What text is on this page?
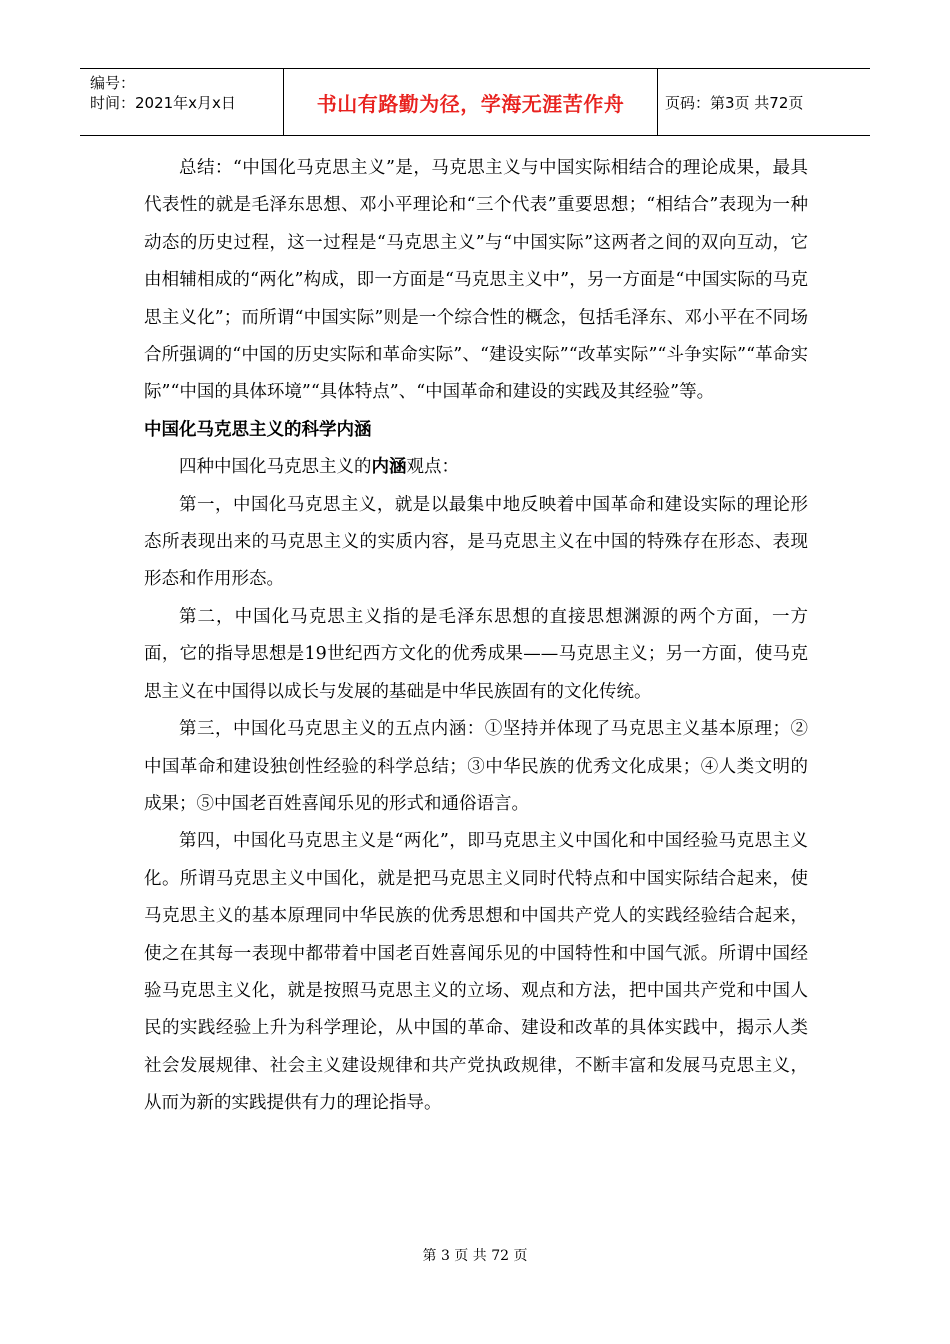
编号：
时间：2021年x月x日	书山有路勤为径，学海无涯苦作舟	页码：第3页 共72页

总结：“中国化马克思主义”是，马克思主义与中国实际相结合的理论成果，最具代表性的就是毛泽东思想、邓小平理论和“三个代表”重要思想；“相结合”表现为一种动态的历史过程，这一过程是“马克思主义”与“中国实际”这两者之间的双向互动，它由相辅相成的“两化”构成，即一方面是“马克思主义中”，另一方面是“中国实际的马克思主义化”；而所谓“中国实际”则是一个综合性的概念，包括毛泽东、邓小平在不同场合所强调的“中国的历史实际和革命实际”、“建设实际”“改革实际”“斗争实际”“革命实际”“中国的具体环境”“具体特点”、“中国革命和建设的实践及其经验”等。

中国化马克思主义的科学内涵

四种中国化马克思主义的内涵观点：

第一，中国化马克思主义，就是以最集中地反映着中国革命和建设实际的理论形态所表现出来的马克思主义的实质内容，是马克思主义在中国的特殊存在形态、表现形态和作用形态。

第二，中国化马克思主义指的是毛泽东思想的直接思想渊源的两个方面，一方面，它的指导思想是19世纪西方文化的优秀成果——马克思主义；另一方面，使马克思主义在中国得以成长与发展的基础是中华民族固有的文化传统。

第三，中国化马克思主义的五点内涵：①坚持并体现了马克思主义基本原理；②中国革命和建设独创性经验的科学总结；③中华民族的优秀文化成果；④人类文明的成果；⑤中国老百姓喜闻乐见的形式和通俗语言。

第四，中国化马克思主义是“两化”，即马克思主义中国化和中国经验马克思主义化。所谓马克思主义中国化，就是把马克思主义同时代特点和中国实际结合起来，使马克思主义的基本原理同中华民族的优秀思想和中国共产党人的实践经验结合起来，使之在其每一表现中都带着中国老百姓喜闻乐见的中国特性和中国气派。所谓中国经验马克思主义化，就是按照马克思主义的立场、观点和方法，把中国共产党和中国人民的实践经验上升为科学理论，从中国的革命、建设和改革的具体实践中，揭示人类社会发展规律、社会主义建设规律和共产党执政规律，不断丰富和发展马克思主义，从而为新的实践提供有力的理论指导。

第 3 页 共 72 页
